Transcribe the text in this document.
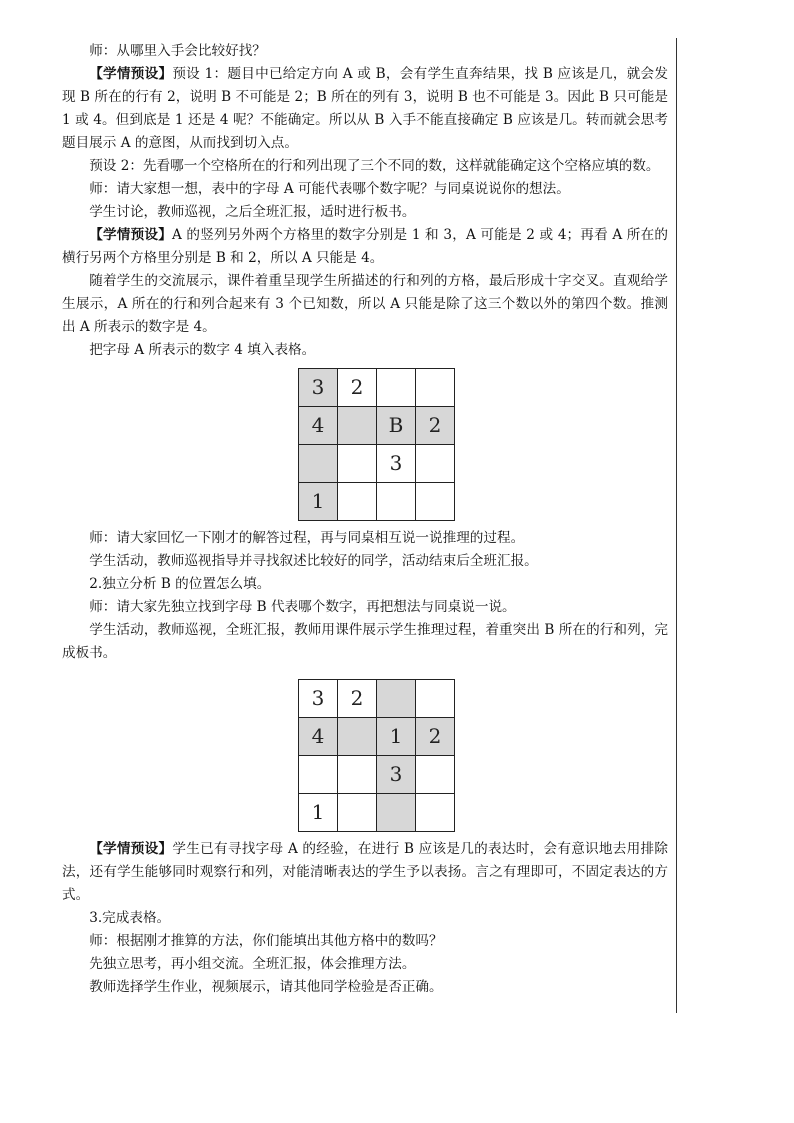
师：从哪里入手会比较好找？

【学情预设】预设 1：题目中已给定方向 A 或 B，会有学生直奔结果，找 B 应该是几，就会发现 B 所在的行有 2，说明 B 不可能是 2；B 所在的列有 3，说明 B 也不可能是 3。因此 B 只可能是 1 或 4。但到底是 1 还是 4 呢？不能确定。所以从 B 入手不能直接确定 B 应该是几。转而就会思考题目展示 A 的意图，从而找到切入点。

预设 2：先看哪一个空格所在的行和列出现了三个不同的数，这样就能确定这个空格应填的数。

师：请大家想一想，表中的字母 A 可能代表哪个数字呢？与同桌说说你的想法。

学生讨论，教师巡视，之后全班汇报，适时进行板书。

【学情预设】A 的竖列另外两个方格里的数字分别是 1 和 3，A 可能是 2 或 4；再看 A 所在的横行另两个方格里分别是 B 和 2，所以 A 只能是 4。

随着学生的交流展示，课件着重呈现学生所描述的行和列的方格，最后形成十字交叉。直观给学生展示，A 所在的行和列合起来有 3 个已知数，所以 A 只能是除了这三个数以外的第四个数。推测出 A 所表示的数字是 4。

把字母 A 所表示的数字 4 填入表格。

3	2		
4		B	2
		3	
1			

师：请大家回忆一下刚才的解答过程，再与同桌相互说一说推理的过程。

学生活动，教师巡视指导并寻找叙述比较好的同学，活动结束后全班汇报。

2.独立分析 B 的位置怎么填。

师：请大家先独立找到字母 B 代表哪个数字，再把想法与同桌说一说。

学生活动，教师巡视，全班汇报，教师用课件展示学生推理过程，着重突出 B 所在的行和列，完成板书。

3	2		
4		1	2
		3	
1			

【学情预设】学生已有寻找字母 A 的经验，在进行 B 应该是几的表达时，会有意识地去用排除法，还有学生能够同时观察行和列，对能清晰表达的学生予以表扬。言之有理即可，不固定表达的方式。

3.完成表格。

师：根据刚才推算的方法，你们能填出其他方格中的数吗？

先独立思考，再小组交流。全班汇报，体会推理方法。

教师选择学生作业，视频展示，请其他同学检验是否正确。
